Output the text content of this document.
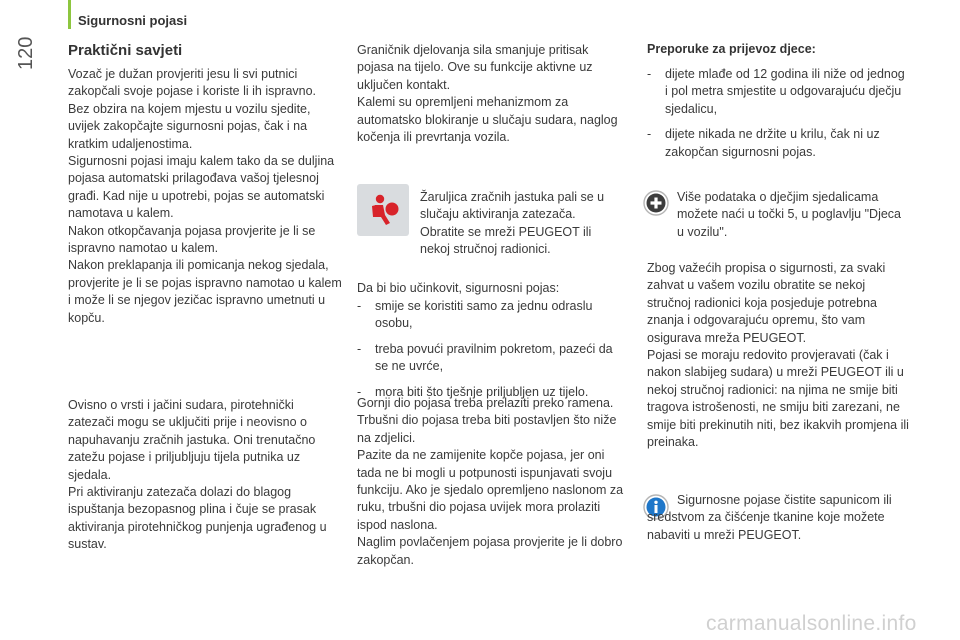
Sigurnosni pojasi
120 Praktični savjeti
Vozač je dužan provjeriti jesu li svi putnici zakopčali svoje pojase i koriste li ih ispravno.
Bez obzira na kojem mjestu u vozilu sjedite, uvijek zakopčajte sigurnosni pojas, čak i na kratkim udaljenostima.
Sigurnosni pojasi imaju kalem tako da se duljina pojasa automatski prilagođava vašoj tjelesnoj građi. Kad nije u upotrebi, pojas se automatski namotava u kalem.
Nakon otkopčavanja pojasa provjerite je li se ispravno namotao u kalem.
Nakon preklapanja ili pomicanja nekog sjedala, provjerite je li se pojas ispravno namotao u kalem i može li se njegov jezičac ispravno umetnuti u kopču.
Ovisno o vrsti i jačini sudara, pirotehnički zatezači mogu se uključiti prije i neovisno o napuhavanju zračnih jastuka. Oni trenutačno zatežu pojase i priljubljuju tijela putnika uz sjedala.
Pri aktiviranju zatezača dolazi do blagog ispuštanja bezopasnog plina i čuje se prasak aktiviranja pirotehničkog punjenja ugrađenog u sustav.
Graničnik djelovanja sila smanjuje pritisak pojasa na tijelo. Ove su funkcije aktivne uz uključen kontakt.
Kalemi su opremljeni mehanizmom za automatsko blokiranje u slučaju sudara, naglog kočenja ili prevrtanja vozila.
Žaruljica zračnih jastuka pali se u slučaju aktiviranja zatezača. Obratite se mreži PEUGEOT ili nekoj stručnoj radionici.
Da bi bio učinkovit, sigurnosni pojas:
- smije se koristiti samo za jednu odraslu osobu,
- treba povući pravilnim pokretom, pazeći da se ne uvrće,
- mora biti što tješnje priljubljen uz tijelo.
Gornji dio pojasa treba prelaziti preko ramena.
Trbušni dio pojasa treba biti postavljen što niže na zdjelici.
Pazite da ne zamijenite kopče pojasa, jer oni tada ne bi mogli u potpunosti ispunjavati svoju funkciju. Ako je sjedalo opremljeno naslonom za ruku, trbušni dio pojasa uvijek mora prolaziti ispod naslona.
Naglim povlačenjem pojasa provjerite je li dobro zakopčan.
Preporuke za prijevoz djece:
- dijete mlađe od 12 godina ili niže od jednog i pol metra smjestite u odgovarajuću dječju sjedalicu,
- dijete nikada ne držite u krilu, čak ni uz zakopčan sigurnosni pojas.
Više podataka o dječjim sjedalicama možete naći u točki 5, u poglavlju "Djeca u vozilu".
Zbog važećih propisa o sigurnosti, za svaki zahvat u vašem vozilu obratite se nekoj stručnoj radionici koja posjeduje potrebna znanja i odgovarajuću opremu, što vam osigurava mreža PEUGEOT.
Pojasi se moraju redovito provjeravati (čak i nakon slabijeg sudara) u mreži PEUGEOT ili u nekoj stručnoj radionici: na njima ne smije biti tragova istrošenosti, ne smiju biti zarezani, ne smije biti prekinutih niti, bez ikakvih promjena ili preinaka.
Sigurnosne pojase čistite sapunicom ili sredstvom za čišćenje tkanine koje možete nabaviti u mreži PEUGEOT.
carmanualsonline.info
